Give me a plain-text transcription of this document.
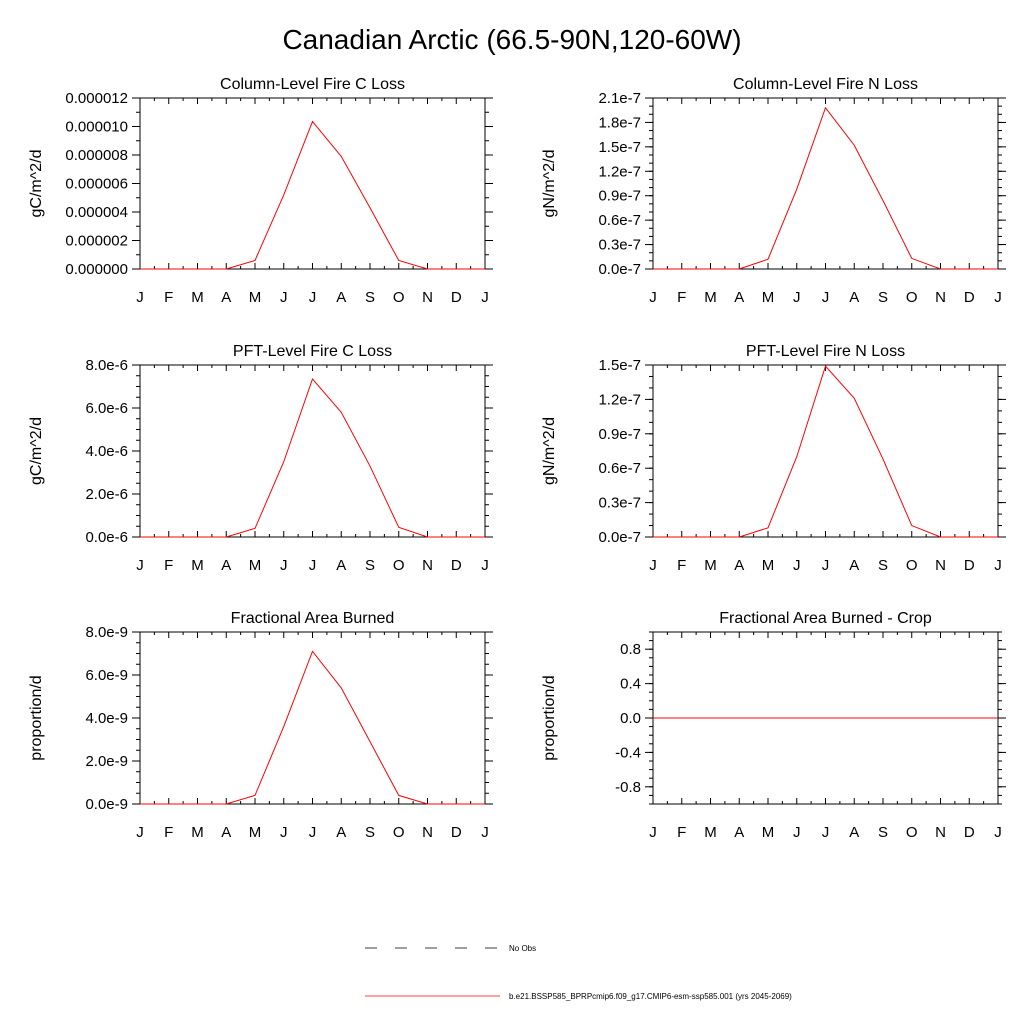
Canadian Arctic (66.5-90N,120-60W)
J F M A M J J A S O N D J
0.000000
0.000002
0.000004
0.000006
0.000008
0.000010
0.000012
Column-Level Fire C Loss
gC/m^2/d
J F M A M J J A S O N D J
0.0e-7
0.3e-7
0.6e-7
0.9e-7
1.2e-7
1.5e-7
1.8e-7
2.1e-7
Column-Level Fire N Loss
gN/m^2/d
J F M A M J J A S O N D J
0.0e-6
2.0e-6
4.0e-6
6.0e-6
8.0e-6
PFT-Level Fire C Loss
gC/m^2/d
J F M A M J J A S O N D J
0.0e-7
0.3e-7
0.6e-7
0.9e-7
1.2e-7
1.5e-7
PFT-Level Fire N Loss
gN/m^2/d
J F M A M J J A S O N D J
0.0e-9
2.0e-9
4.0e-9
6.0e-9
8.0e-9
Fractional Area Burned
proportion/d
J F M A M J J A S O N D J
-0.8
-0.4
0.0
0.4
0.8
Fractional Area Burned - Crop
proportion/d
No Obs
b.e21.BSSP585_BPRPcmip6.f09_g17.CMIP6-esm-ssp585.001 (yrs 2045-2069)
